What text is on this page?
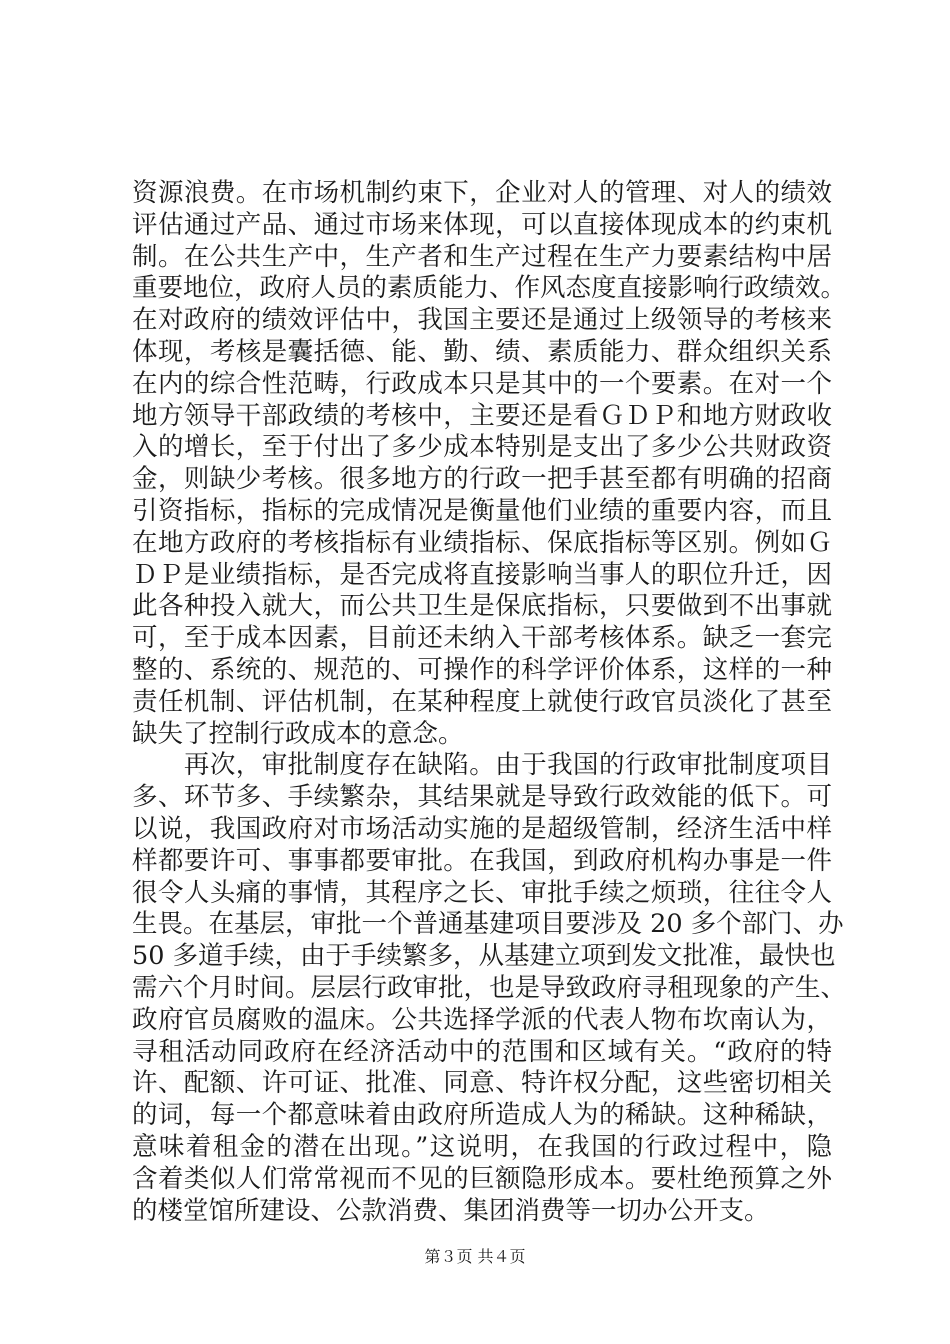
资源浪费。在市场机制约束下，企业对人的管理、对人的绩效
评估通过产品、通过市场来体现，可以直接体现成本的约束机
制。在公共生产中，生产者和生产过程在生产力要素结构中居
重要地位，政府人员的素质能力、作风态度直接影响行政绩效。
在对政府的绩效评估中，我国主要还是通过上级领导的考核来
体现，考核是囊括德、能、勤、绩、素质能力、群众组织关系
在内的综合性范畴，行政成本只是其中的一个要素。在对一个
地方领导干部政绩的考核中，主要还是看ＧＤＰ和地方财政收
入的增长，至于付出了多少成本特别是支出了多少公共财政资
金，则缺少考核。很多地方的行政一把手甚至都有明确的招商
引资指标，指标的完成情况是衡量他们业绩的重要内容，而且
在地方政府的考核指标有业绩指标、保底指标等区别。例如Ｇ
ＤＰ是业绩指标，是否完成将直接影响当事人的职位升迁，因
此各种投入就大，而公共卫生是保底指标，只要做到不出事就
可，至于成本因素，目前还未纳入干部考核体系。缺乏一套完
整的、系统的、规范的、可操作的科学评价体系，这样的一种
责任机制、评估机制，在某种程度上就使行政官员淡化了甚至
缺失了控制行政成本的意念。
　　再次，审批制度存在缺陷。由于我国的行政审批制度项目
多、环节多、手续繁杂，其结果就是导致行政效能的低下。可
以说，我国政府对市场活动实施的是超级管制，经济生活中样
样都要许可、事事都要审批。在我国，到政府机构办事是一件
很令人头痛的事情，其程序之长、审批手续之烦琐，往往令人
生畏。在基层，审批一个普通基建项目要涉及 20 多个部门、办
50 多道手续，由于手续繁多，从基建立项到发文批准，最快也
需六个月时间。层层行政审批，也是导致政府寻租现象的产生、
政府官员腐败的温床。公共选择学派的代表人物布坎南认为，
寻租活动同政府在经济活动中的范围和区域有关。“政府的特
许、配额、许可证、批准、同意、特许权分配，这些密切相关
的词，每一个都意味着由政府所造成人为的稀缺。这种稀缺，
意味着租金的潜在出现。”这说明，在我国的行政过程中，隐
含着类似人们常常视而不见的巨额隐形成本。要杜绝预算之外
的楼堂馆所建设、公款消费、集团消费等一切办公开支。
第３页 共４页
